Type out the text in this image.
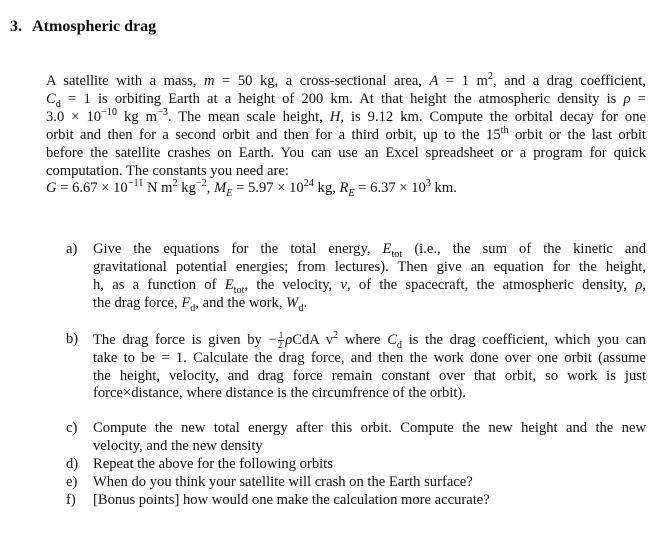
3. Atmospheric drag
A satellite with a mass, m = 50 kg, a cross-sectional area, A = 1 $m^2$, and a drag coefficient,
$C_d = 1$ is orbiting Earth at a height of 200 km. At that height the atmospheric density is ρ =
$3.0 \times 10^{-10}$ kg $m^{-3}$. The mean scale height, H, is 9.12 km. Compute the orbital decay for one
orbit and then for a second orbit and then for a third orbit, up to the 15th orbit or the last orbit
before the satellite crashes on Earth. You can use an Excel spreadsheet or a program for quick
computation. The constants you need are:
$G = 6.67 \times 10^{-11}$ N $m^2$ $kg^{-2}$, $M_E = 5.97 \times 10^{24}$ kg, $R_E = 6.37 \times 10^3$ km.
a) Give the equations for the total energy, $E_{tot}$ (i.e., the sum of the kinetic and
gravitational potential energies; from lectures). Then give an equation for the height,
h, as a function of $E_{tot}$, the velocity, v, of the spacecraft, the atmospheric density, ρ,
the drag force, $F_d$, and the work, $W_d$.
b) The drag force is given by − $\frac{1}{2}$ ρCdA $v^2$ where $C_d$ is the drag coefficient, which you can
take to be = 1. Calculate the drag force, and then the work done over one orbit (assume
the height, velocity, and drag force remain constant over that orbit, so work is just
force×distance, where distance is the circumfrence of the orbit).
c) Compute the new total energy after this orbit. Compute the new height and the new
velocity, and the new density
d) Repeat the above for the following orbits
e) When do you think your satellite will crash on the Earth surface?
f) [Bonus points] how would one make the calculation more accurate?
